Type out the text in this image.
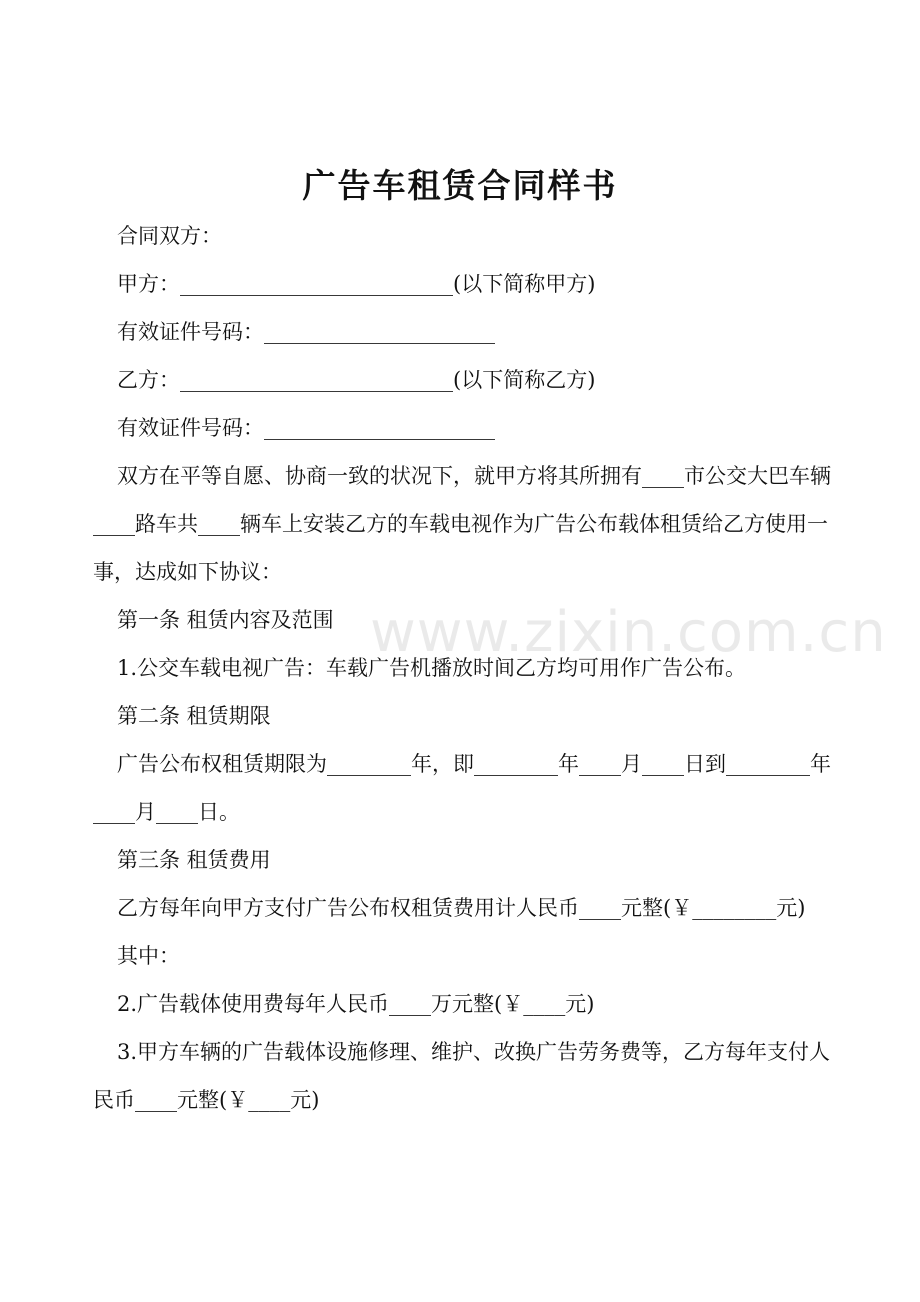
广告车租赁合同样书

合同双方：

甲方：__________________________(以下简称甲方)

有效证件号码：______________________

乙方：__________________________(以下简称乙方)

有效证件号码：______________________

双方在平等自愿、协商一致的状况下，就甲方将其所拥有____市公交大巴车辆____路车共____辆车上安装乙方的车载电视作为广告公布载体租赁给乙方使用一事，达成如下协议：

第一条 租赁内容及范围

1.公交车载电视广告：车载广告机播放时间乙方均可用作广告公布。

第二条 租赁期限

广告公布权租赁期限为________年，即________年____月____日到________年____月____日。

第三条 租赁费用

乙方每年向甲方支付广告公布权租赁费用计人民币____元整(￥________元)

其中：

2.广告载体使用费每年人民币____万元整(￥____元)

3.甲方车辆的广告载体设施修理、维护、改换广告劳务费等，乙方每年支付人民币____元整(￥____元)

www.zixin.com.cn
